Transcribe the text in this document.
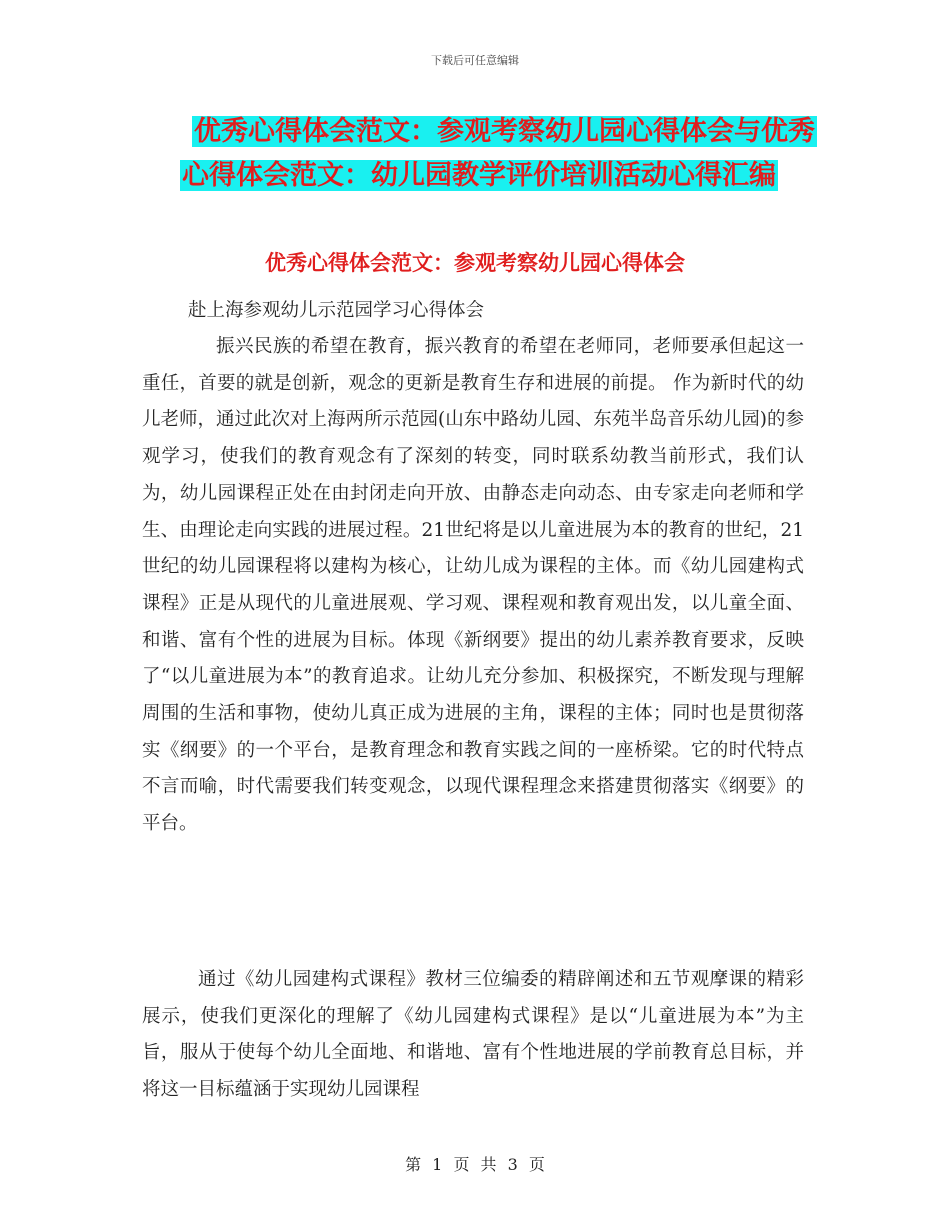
下载后可任意编辑
优秀心得体会范文：参观考察幼儿园心得体会与优秀
心得体会范文：幼儿园教学评价培训活动心得汇编
优秀心得体会范文：参观考察幼儿园心得体会
赴上海参观幼儿示范园学习心得体会

振兴民族的希望在教育，振兴教育的希望在老师同，老师要承但起这一重任，首要的就是创新，观念的更新是教育生存和进展的前提。 作为新时代的幼儿老师，通过此次对上海两所示范园(山东中路幼儿园、东苑半岛音乐幼儿园)的参观学习，使我们的教育观念有了深刻的转变，同时联系幼教当前形式，我们认为，幼儿园课程正处在由封闭走向开放、由静态走向动态、由专家走向老师和学生、由理论走向实践的进展过程。21世纪将是以儿童进展为本的教育的世纪，21世纪的幼儿园课程将以建构为核心，让幼儿成为课程的主体。而《幼儿园建构式课程》正是从现代的儿童进展观、学习观、课程观和教育观出发，以儿童全面、和谐、富有个性的进展为目标。体现《新纲要》提出的幼儿素养教育要求，反映了“以儿童进展为本”的教育追求。让幼儿充分参加、积极探究，不断发现与理解周围的生活和事物，使幼儿真正成为进展的主角，课程的主体；同时也是贯彻落实《纲要》的一个平台，是教育理念和教育实践之间的一座桥梁。它的时代特点不言而喻，时代需要我们转变观念，以现代课程理念来搭建贯彻落实《纲要》的平台。

通过《幼儿园建构式课程》教材三位编委的精辟阐述和五节观摩课的精彩展示，使我们更深化的理解了《幼儿园建构式课程》是以“儿童进展为本”为主旨，服从于使每个幼儿全面地、和谐地、富有个性地进展的学前教育总目标，并将这一目标蕴涵于实现幼儿园课程

第 1 页 共 3 页
